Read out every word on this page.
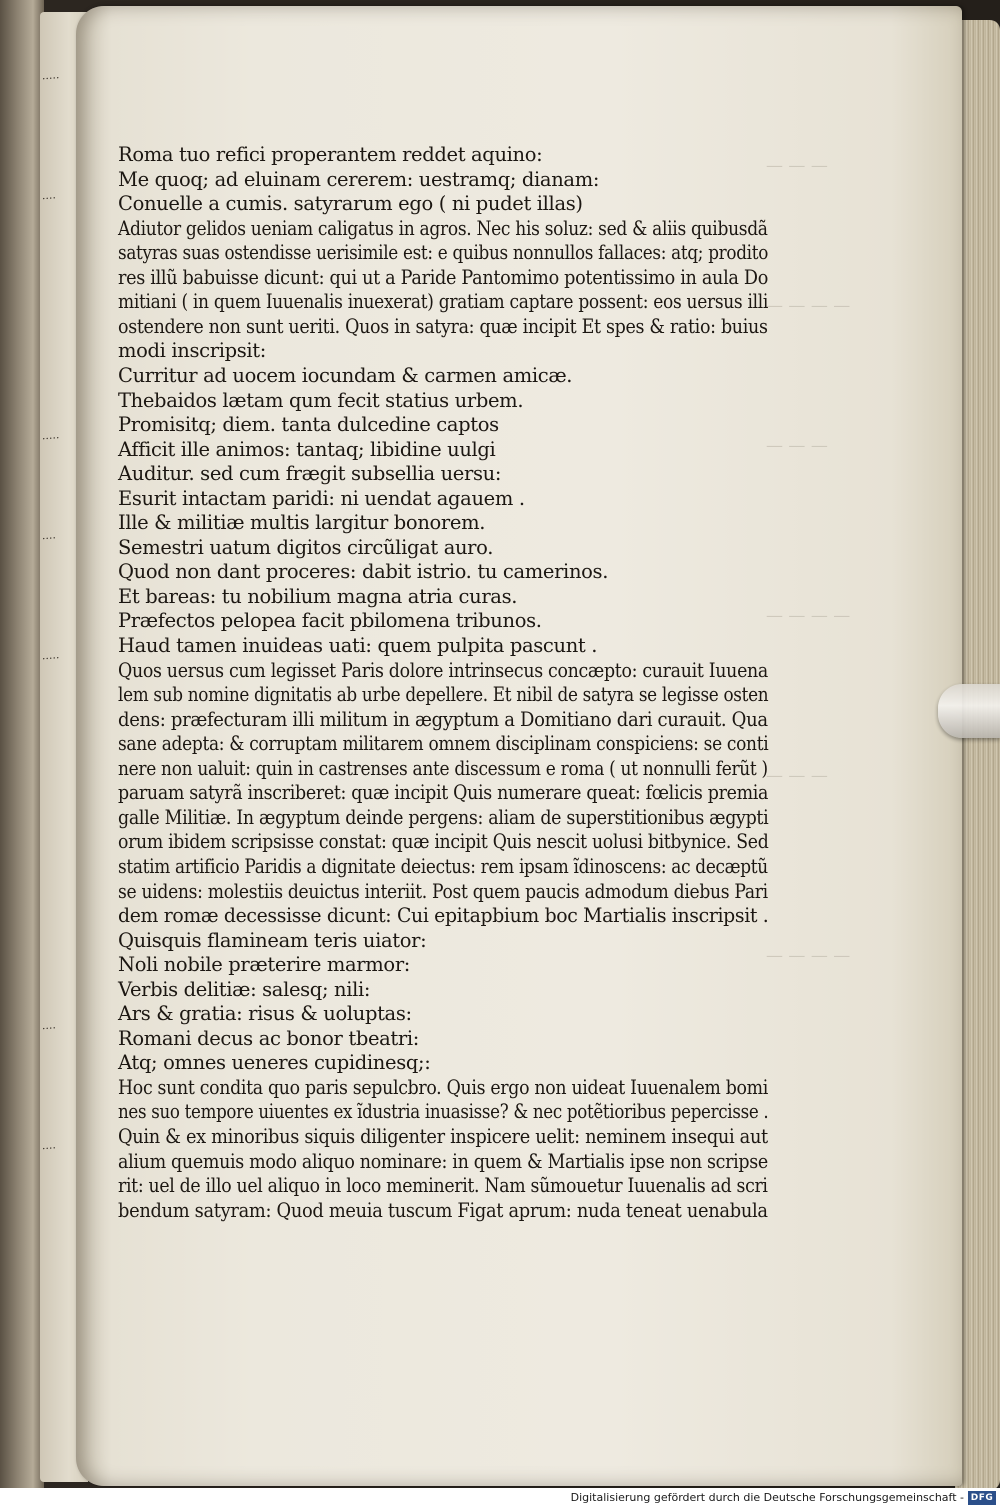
·····
····
·····
····
·····
····
····
— — —
— — — —
— — —
— — — —
— — —
— — — —
Roma tuo refici properantem reddet aquino:
Me quoq; ad eluinam cererem: uestramq; dianam:
Conuelle a cumis. satyrarum ego ( ni pudet illas)
Adiutor gelidos ueniam caligatus in agros. Nec his soluz: sed & aliis quibusdã
satyras suas ostendisse uerisimile est: e quibus nonnullos fallaces: atq; prodito
res illũ babuisse dicunt: qui ut a Paride Pantomimo potentissimo in aula Do
mitiani ( in quem Iuuenalis inuexerat) gratiam captare possent: eos uersus illi
ostendere non sunt ueriti. Quos in satyra: quæ incipit Et spes & ratio: buius
modi inscripsit:
Curritur ad uocem iocundam & carmen amicæ.
Thebaidos lætam qum fecit statius urbem.
Promisitq; diem. tanta dulcedine captos
Afficit ille animos: tantaq; libidine uulgi
Auditur. sed cum frægit subsellia uersu:
Esurit intactam paridi: ni uendat agauem .
Ille & militiæ multis largitur bonorem.
Semestri uatum digitos circũligat auro.
Quod non dant proceres: dabit istrio. tu camerinos.
Et bareas: tu nobilium magna atria curas.
Præfectos pelopea facit pbilomena tribunos.
Haud tamen inuideas uati: quem pulpita pascunt .
Quos uersus cum legisset Paris dolore intrinsecus concæpto: curauit Iuuena
lem sub nomine dignitatis ab urbe depellere. Et nibil de satyra se legisse osten
dens: præfecturam illi militum in ægyptum a Domitiano dari curauit. Qua
sane adepta: & corruptam militarem omnem disciplinam conspiciens: se conti
nere non ualuit: quin in castrenses ante discessum e roma ( ut nonnulli ferũt )
paruam satyrã inscriberet: quæ incipit Quis numerare queat: fœlicis premia
galle Militiæ. In ægyptum deinde pergens: aliam de superstitionibus ægypti
orum ibidem scripsisse constat: quæ incipit Quis nescit uolusi bitbynice. Sed
statim artificio Paridis a dignitate deiectus: rem ipsam ĩdinoscens: ac decæptũ
se uidens: molestiis deuictus interiit. Post quem paucis admodum diebus Pari
dem romæ decessisse dicunt: Cui epitapbium boc Martialis inscripsit .
Quisquis flamineam teris uiator:
Noli nobile præterire marmor:
Verbis delitiæ: salesq; nili:
Ars & gratia: risus & uoluptas:
Romani decus ac bonor tbeatri:
Atq; omnes ueneres cupidinesq;:
Hoc sunt condita quo paris sepulcbro. Quis ergo non uideat Iuuenalem bomi
nes suo tempore uiuentes ex ĩdustria inuasisse? & nec potẽtioribus pepercisse .
Quin & ex minoribus siquis diligenter inspicere uelit: neminem insequi aut
alium quemuis modo aliquo nominare: in quem & Martialis ipse non scripse
rit: uel de illo uel aliquo in loco meminerit. Nam sũmouetur Iuuenalis ad scri
bendum satyram: Quod meuia tuscum Figat aprum: nuda teneat uenabula
Digitalisierung gefördert durch die Deutsche Forschungsgemeinschaft - DFG
